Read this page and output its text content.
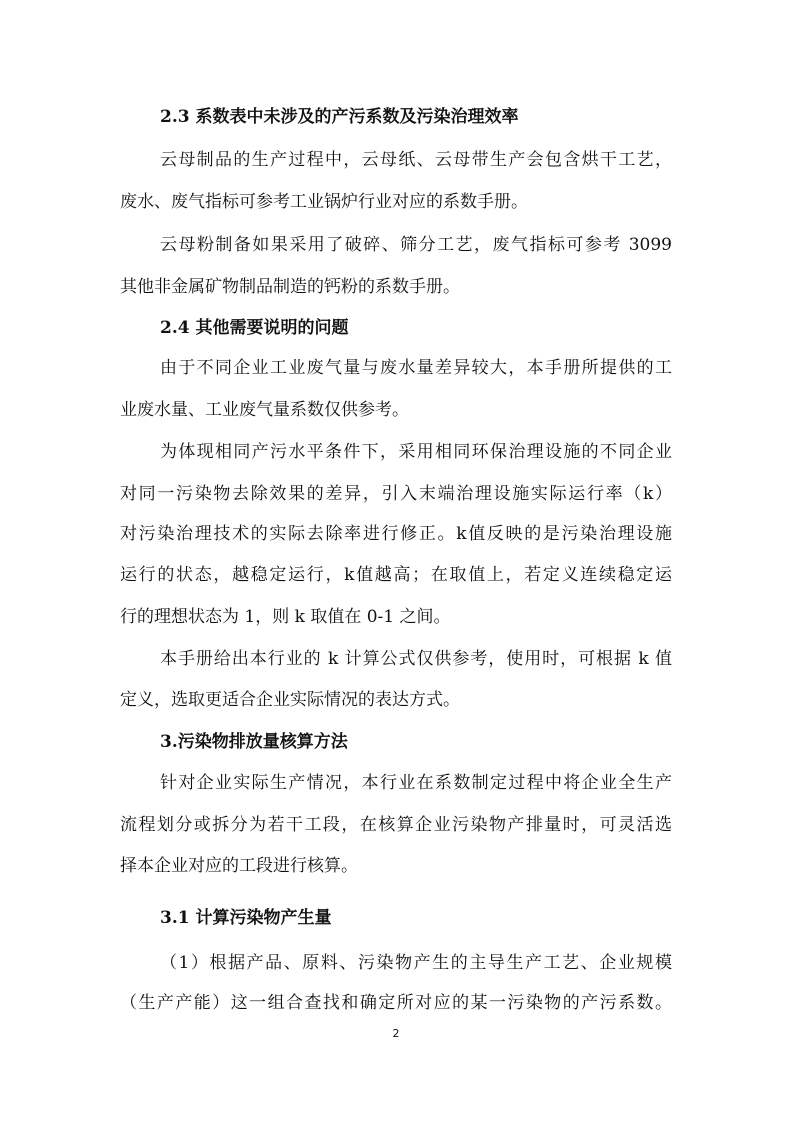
2.3 系数表中未涉及的产污系数及污染治理效率
云母制品的生产过程中，云母纸、云母带生产会包含烘干工艺，
废水、废气指标可参考工业锅炉行业对应的系数手册。
云母粉制备如果采用了破碎、筛分工艺，废气指标可参考 3099
其他非金属矿物制品制造的钙粉的系数手册。
2.4 其他需要说明的问题
由于不同企业工业废气量与废水量差异较大，本手册所提供的工
业废水量、工业废气量系数仅供参考。
为体现相同产污水平条件下，采用相同环保治理设施的不同企业
对同一污染物去除效果的差异，引入末端治理设施实际运行率（k）
对污染治理技术的实际去除率进行修正。k值反映的是污染治理设施
运行的状态，越稳定运行，k值越高；在取值上，若定义连续稳定运
行的理想状态为 1，则 k 取值在 0-1 之间。
本手册给出本行业的 k 计算公式仅供参考，使用时，可根据 k 值
定义，选取更适合企业实际情况的表达方式。
3.污染物排放量核算方法
针对企业实际生产情况，本行业在系数制定过程中将企业全生产
流程划分或拆分为若干工段，在核算企业污染物产排量时，可灵活选
择本企业对应的工段进行核算。
3.1 计算污染物产生量
（1）根据产品、原料、污染物产生的主导生产工艺、企业规模
（生产产能）这一组合查找和确定所对应的某一污染物的产污系数。
2
